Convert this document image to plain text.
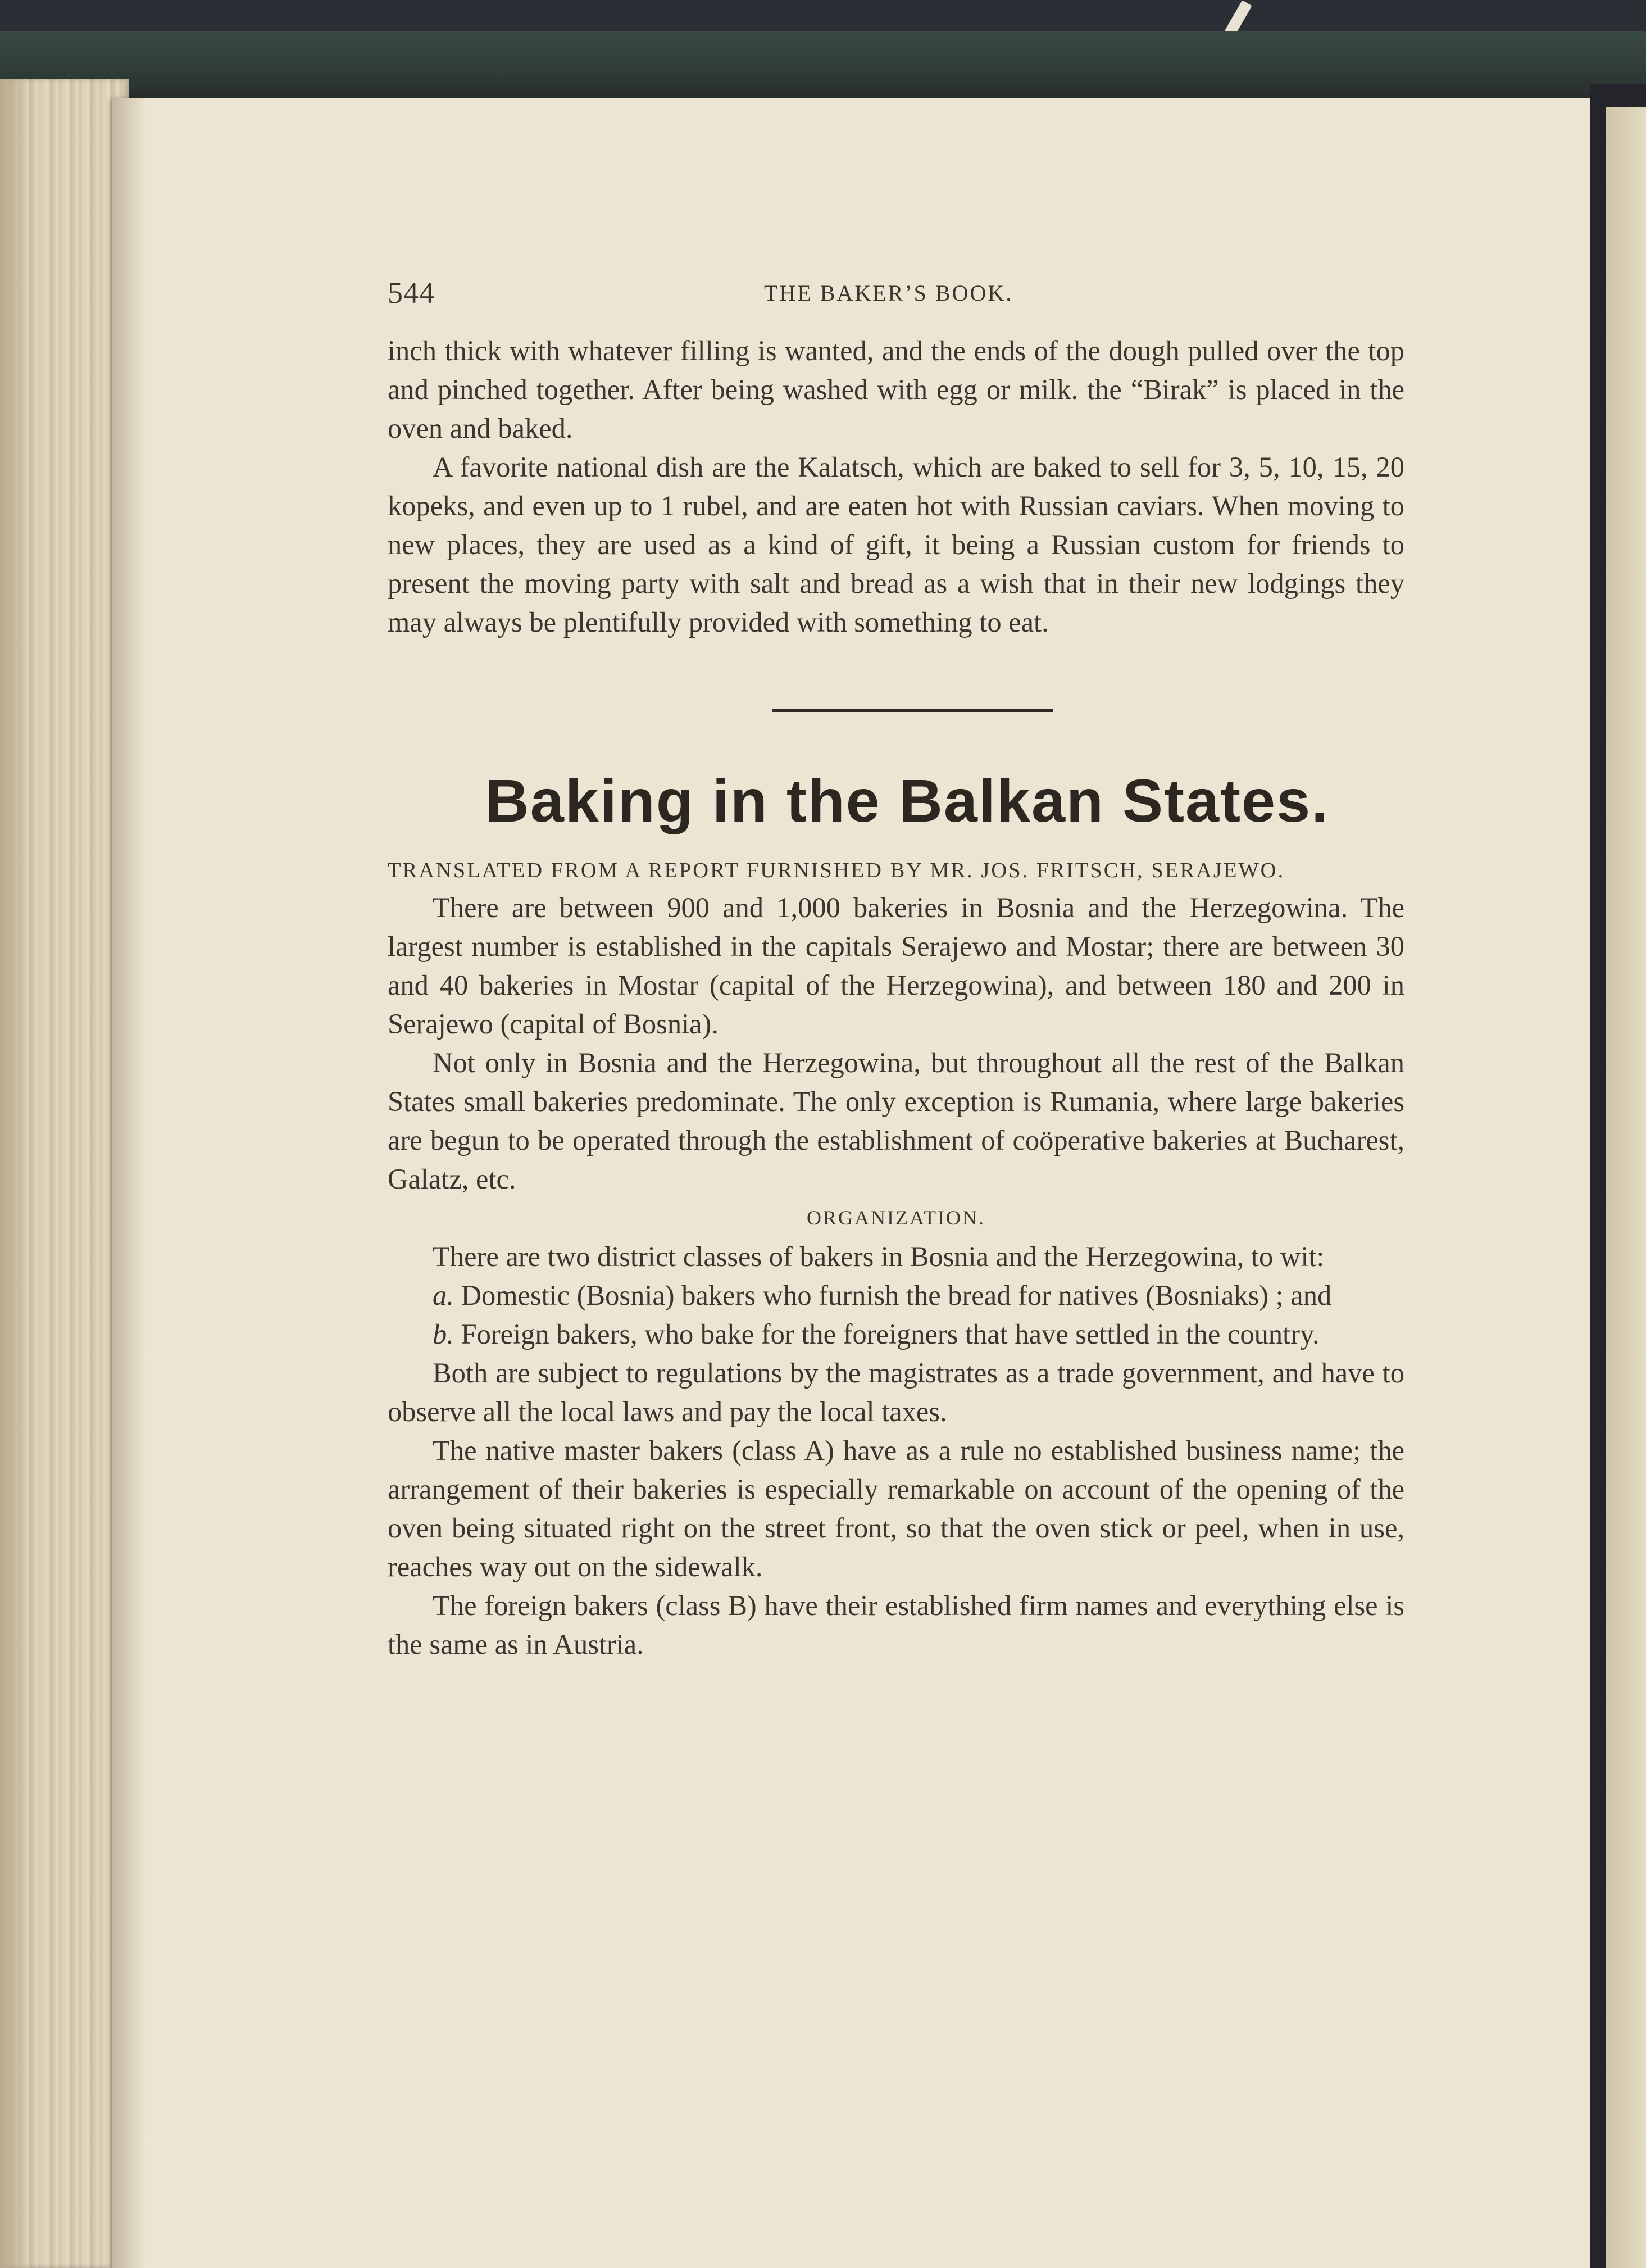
544	THE BAKER’S BOOK.

inch thick with whatever filling is wanted, and the ends of the dough pulled over the top and pinched together. After being washed with egg or milk. the “Birak” is placed in the oven and baked.

A favorite national dish are the Kalatsch, which are baked to sell for 3, 5, 10, 15, 20 kopeks, and even up to 1 rubel, and are eaten hot with Russian caviars. When moving to new places, they are used as a kind of gift, it being a Russian custom for friends to present the moving party with salt and bread as a wish that in their new lodgings they may always be plentifully provided with something to eat.

Baking in the Balkan States.
TRANSLATED FROM A REPORT FURNISHED BY MR. JOS. FRITSCH, SERAJEWO.

There are between 900 and 1,000 bakeries in Bosnia and the Herzegowina. The largest number is established in the capitals Serajewo and Mostar; there are between 30 and 40 bakeries in Mostar (capital of the Herzegowina), and between 180 and 200 in Serajewo (capital of Bosnia).

Not only in Bosnia and the Herzegowina, but throughout all the rest of the Balkan States small bakeries predominate. The only exception is Rumania, where large bakeries are begun to be operated through the establishment of coöperative bakeries at Bucharest, Galatz, etc.

ORGANIZATION.

There are two district classes of bakers in Bosnia and the Herzegowina, to wit:

a. Domestic (Bosnia) bakers who furnish the bread for natives (Bosniaks) ; and

b. Foreign bakers, who bake for the foreigners that have settled in the country.

Both are subject to regulations by the magistrates as a trade government, and have to observe all the local laws and pay the local taxes.

The native master bakers (class A) have as a rule no established business name; the arrangement of their bakeries is especially remarkable on account of the opening of the oven being situated right on the street front, so that the oven stick or peel, when in use, reaches way out on the sidewalk.

The foreign bakers (class B) have their established firm names and everything else is the same as in Austria.
